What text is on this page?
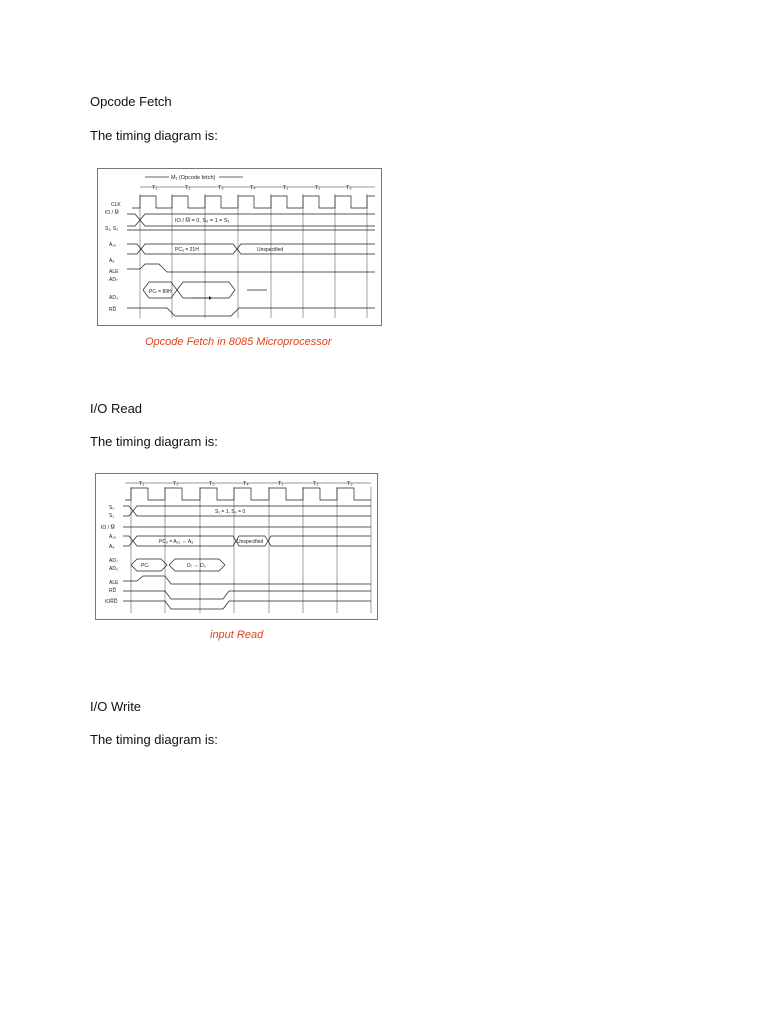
Opcode Fetch
The timing diagram is:
M₁ (Opcode fetch)
T₁	T₂	T₃	T₄	T₁	T₂	T₃
CLK
IO / M̅
S₁, S₀
A₁₅
A₈
ALE
AD₇
AD₀
RD̅
IO / M̅ = 0, S₀ = 1 = S₁
PC₉ = 21H	Unspecified
PCₗ = 89H
Opcode Fetch in 8085 Microprocessor
I/O Read
The timing diagram is:
T₁	T₂	T₃	T₄	T₁	T₂	T₃
S₀
S₁
IO / M̅
A₁₅
A₈
AD₇
AD₀
ALE
RD̅
IOR̅D̅
S₁ = 1, S₀ = 0
PC₉ = A₁₅ ⇔ A₈	Unspecified
PCₗ	D₇ ⇔ D₀
input Read
I/O Write
The timing diagram is:
